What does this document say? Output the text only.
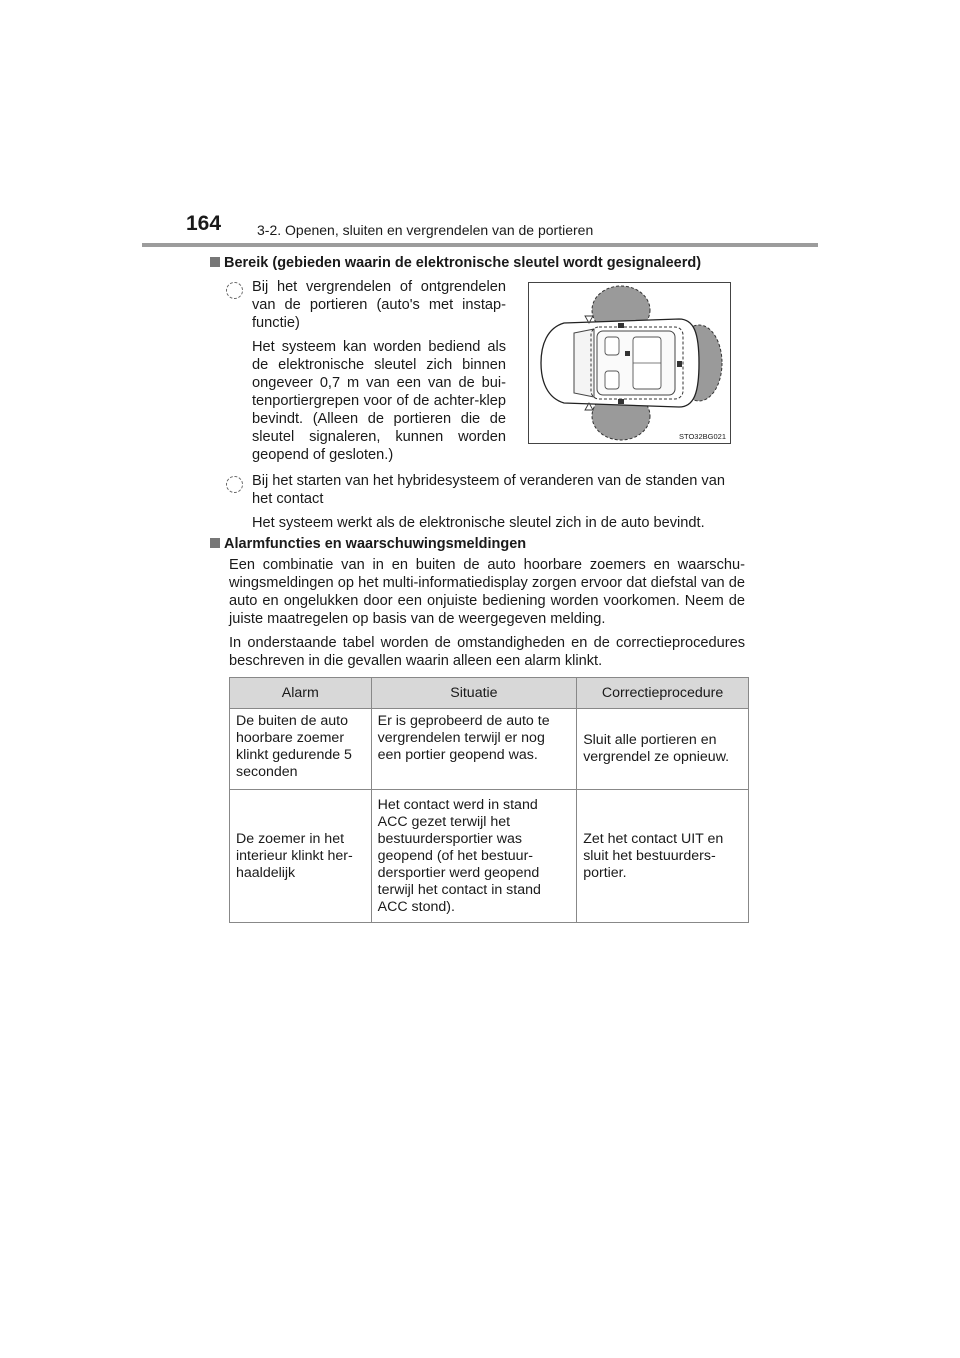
164	3-2. Openen, sluiten en vergrendelen van de portieren
Bereik (gebieden waarin de elektronische sleutel wordt gesignaleerd)

Bij het vergrendelen of ontgrendelen van de portieren (auto's met instap-functie)

Het systeem kan worden bediend als de elektronische sleutel zich binnen ongeveer 0,7 m van een van de bui-tenportiergrepen voor of de achter-klep bevindt. (Alleen de portieren die de sleutel signaleren, kunnen worden geopend of gesloten.)

STO32BG021

Bij het starten van het hybridesysteem of veranderen van de standen van het contact

Het systeem werkt als de elektronische sleutel zich in de auto bevindt.

Alarmfuncties en waarschuwingsmeldingen

Een combinatie van in en buiten de auto hoorbare zoemers en waarschu-wingsmeldingen op het multi-informatiedisplay zorgen ervoor dat diefstal van de auto en ongelukken door een onjuiste bediening worden voorkomen. Neem de juiste maatregelen op basis van de weergegeven melding.

In onderstaande tabel worden de omstandigheden en de correctieprocedures beschreven in die gevallen waarin alleen een alarm klinkt.

Alarm	Situatie	Correctieprocedure
De buiten de auto hoorbare zoemer klinkt gedurende 5 seconden	Er is geprobeerd de auto te vergrendelen terwijl er nog een portier geopend was.	Sluit alle portieren en vergrendel ze opnieuw.
De zoemer in het interieur klinkt her-haaldelijk	Het contact werd in stand ACC gezet terwijl het bestuurdersportier was geopend (of het bestuur-dersportier werd geopend terwijl het contact in stand ACC stond).	Zet het contact UIT en sluit het bestuurders-portier.
